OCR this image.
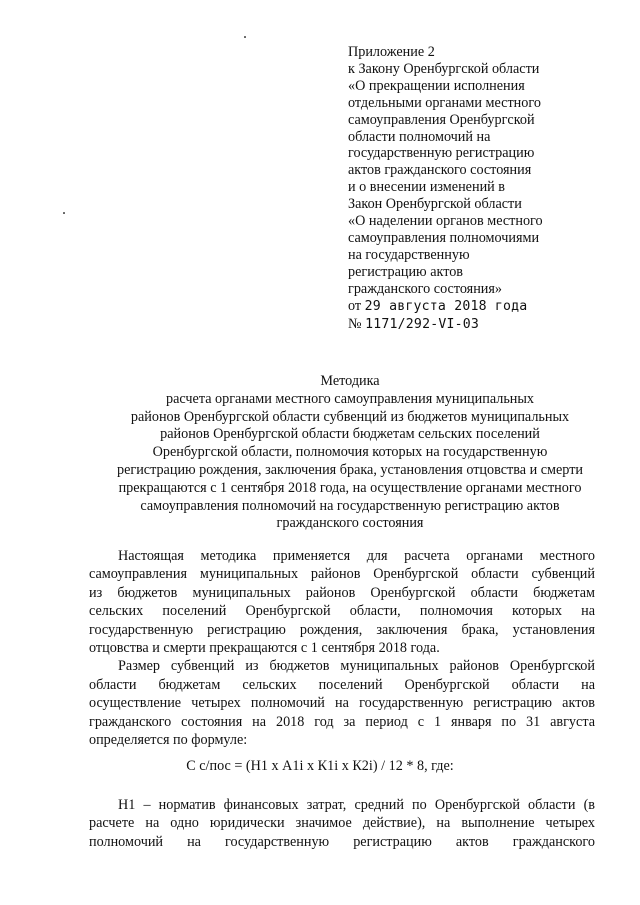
Приложение 2
к Закону Оренбургской области
«О прекращении исполнения
отдельными органами местного
самоуправления Оренбургской
области полномочий на
государственную регистрацию
актов гражданского состояния
и о внесении изменений в
Закон Оренбургской области
«О наделении органов местного
самоуправления полномочиями
на государственную
регистрацию актов
гражданского состояния»
от 29 августа 2018 года
№ 1171/292-VI-03
Методика
расчета органами местного самоуправления муниципальных
районов Оренбургской области субвенций из бюджетов муниципальных
районов Оренбургской области бюджетам сельских поселений
Оренбургской области, полномочия которых на государственную
регистрацию рождения, заключения брака, установления отцовства и смерти
прекращаются с 1 сентября 2018 года, на осуществление органами местного
самоуправления полномочий на государственную регистрацию актов
гражданского состояния
Настоящая методика применяется для расчета органами местного
самоуправления муниципальных районов Оренбургской области субвенций
из бюджетов муниципальных районов Оренбургской области бюджетам
сельских поселений Оренбургской области, полномочия которых на
государственную регистрацию рождения, заключения брака, установления
отцовства и смерти прекращаются с 1 сентября 2018 года.
Размер субвенций из бюджетов муниципальных районов Оренбургской
области бюджетам сельских поселений Оренбургской области на
осуществление четырех полномочий на государственную регистрацию актов
гражданского состояния на 2018 год за период с 1 января по 31 августа
определяется по формуле:
С с/пос = (Н1 х А1i х К1i х К2i) / 12 * 8, где:
Н1 – норматив финансовых затрат, средний по Оренбургской области (в
расчете на одно юридически значимое действие), на выполнение четырех
полномочий на государственную регистрацию актов гражданского
